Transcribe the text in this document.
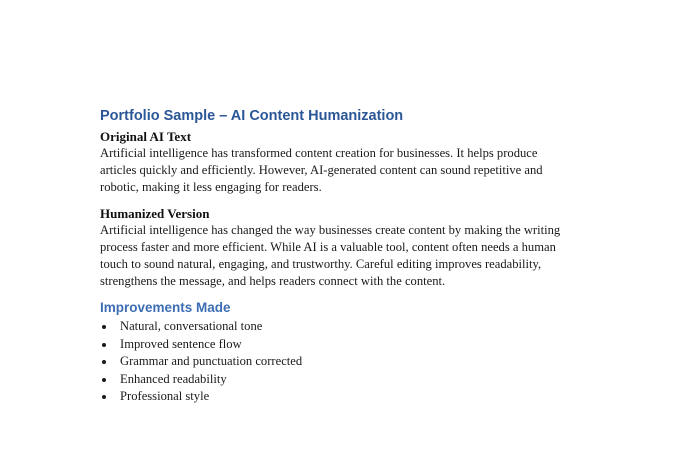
Portfolio Sample – AI Content Humanization
Original AI Text

Artificial intelligence has transformed content creation for businesses. It helps produce
articles quickly and efficiently. However, AI-generated content can sound repetitive and
robotic, making it less engaging for readers.

Humanized Version

Artificial intelligence has changed the way businesses create content by making the writing
process faster and more efficient. While AI is a valuable tool, content often needs a human
touch to sound natural, engaging, and trustworthy. Careful editing improves readability,
strengthens the message, and helps readers connect with the content.

Improvements Made
Natural, conversational tone
Improved sentence flow
Grammar and punctuation corrected
Enhanced readability
Professional style
